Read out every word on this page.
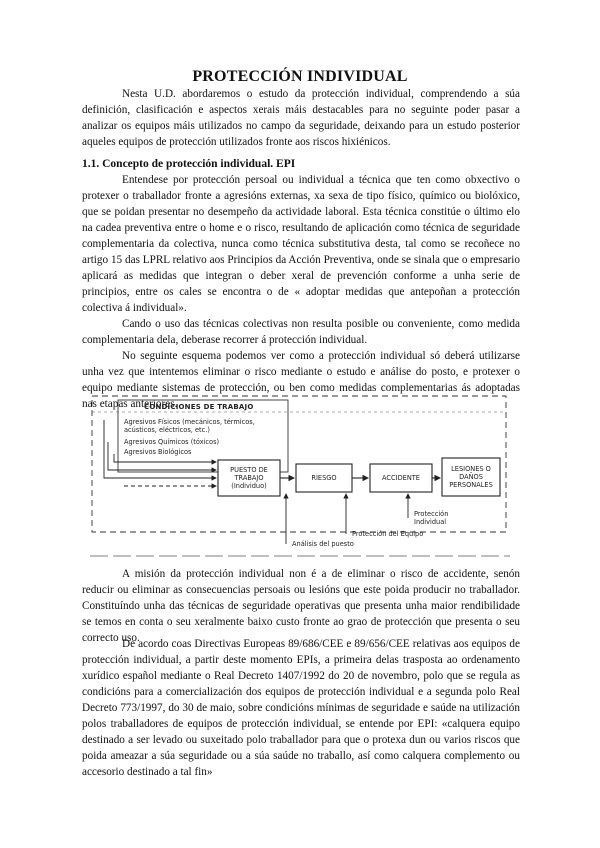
PROTECCIÓN INDIVIDUAL

Nesta U.D. abordaremos o estudo da protección individual, comprendendo a súa definición, clasificación e aspectos xerais máis destacables para no seguinte poder pasar a analizar os equipos máis utilizados no campo da seguridade, deixando para un estudo posterior aqueles equipos de protección utilizados fronte aos riscos hixiénicos.

1.1. Concepto de protección individual. EPI

Entendese por protección persoal ou individual a técnica que ten como obxectivo o protexer o traballador fronte a agresións externas, xa sexa de tipo físico, químico ou biolóxico, que se poidan presentar no desempeño da actividade laboral. Esta técnica constitúe o último elo na cadea preventiva entre o home e o risco, resultando de aplicación como técnica de seguridade complementaria da colectiva, nunca como técnica substitutiva desta, tal como se recoñece no artigo 15 das LPRL relativo aos Principios da Acción Preventiva, onde se sinala que o empresario aplicará as medidas que integran o deber xeral de prevención conforme a unha serie de principios, entre os cales se encontra o de « adoptar medidas que antepoñan a protección colectiva á individual».

Cando o uso das técnicas colectivas non resulta posible ou conveniente, como medida complementaria dela, deberase recorrer á protección individual.

No seguinte esquema podemos ver como a protección individual só deberá utilizarse unha vez que intentemos eliminar o risco mediante o estudo e análise do posto, e protexer o equipo mediante sistemas de protección, ou ben como medidas complementarias ás adoptadas nas etapas anteriores.

CONDICIONES DE TRABAJO
Agresivos Físicos (mecánicos, térmicos, acústicos, eléctricos, etc.)
Agresivos Químicos (tóxicos)
Agresivos Biológicos
PUESTO DE TRABAJO (Individuo)
RIESGO	ACCIDENTE
LESIONES O DAÑOS PERSONALES
Protección Individual
Protección del Equipo
Análisis del puesto

A misión da protección individual non é a de eliminar o risco de accidente, senón reducir ou eliminar as consecuencias persoais ou lesións que este poida producir no traballador. Constituíndo unha das técnicas de seguridade operativas que presenta unha maior rendibilidade se temos en conta o seu xeralmente baixo custo fronte ao grao de protección que presenta o seu correcto uso.

De acordo coas Directivas Europeas 89/686/CEE e 89/656/CEE relativas aos equipos de protección individual, a partir deste momento EPIs, a primeira delas trasposta ao ordenamento xurídico español mediante o Real Decreto 1407/1992 do 20 de novembro, polo que se regula as condicións para a comercialización dos equipos de protección individual e a segunda polo Real Decreto 773/1997, do 30 de maio, sobre condicións mínimas de seguridade e saúde na utilización polos traballadores de equipos de protección individual, se entende por EPI: «calquera equipo destinado a ser levado ou suxeitado polo traballador para que o protexa dun ou varios riscos que poida ameazar a súa seguridade ou a súa saúde no traballo, así como calquera complemento ou accesorio destinado a tal fin»
